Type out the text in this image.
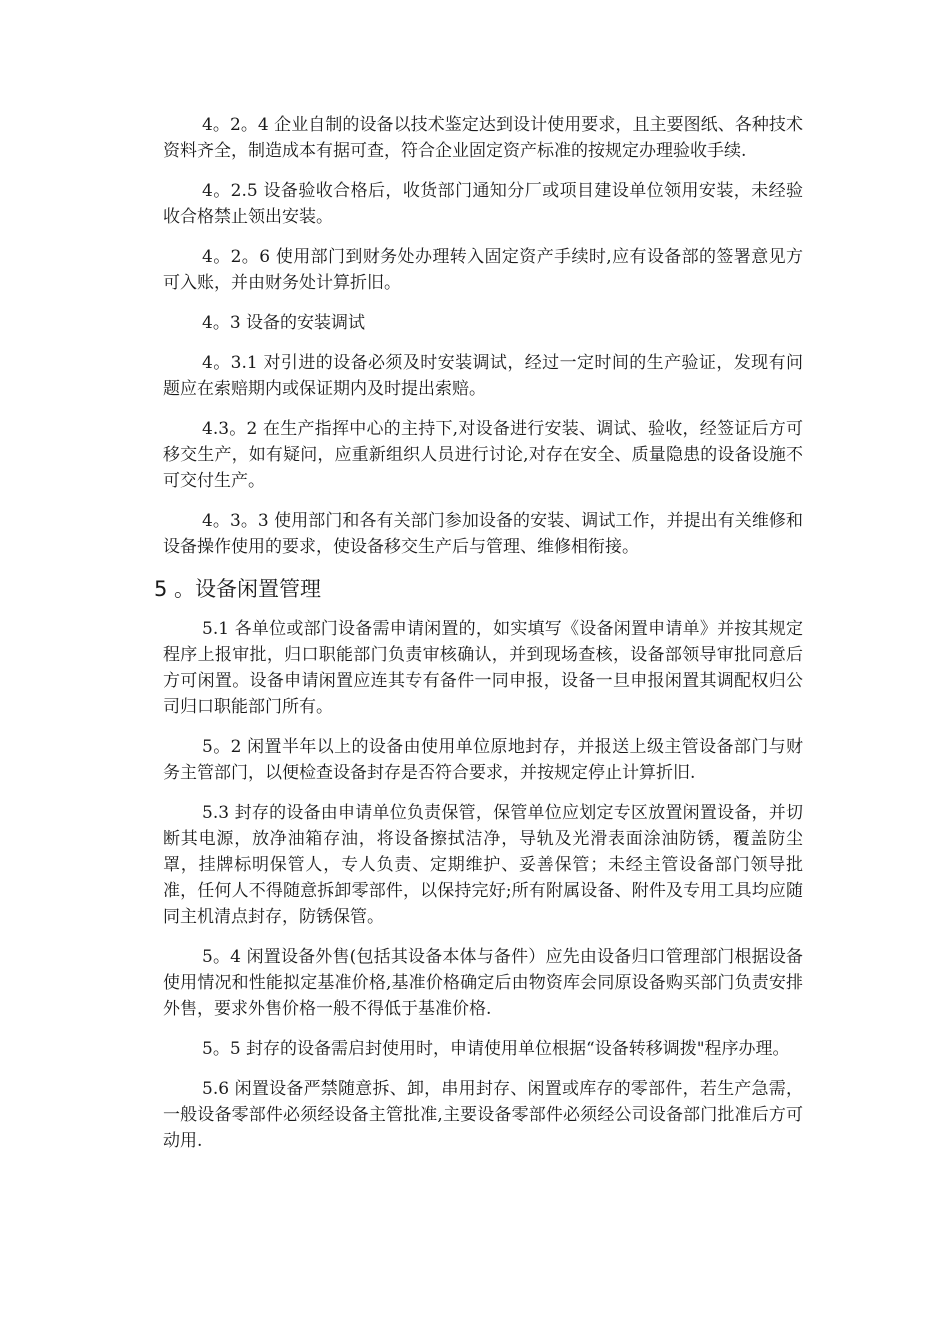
4。2。4 企业自制的设备以技术鉴定达到设计使用要求，且主要图纸、各种技术资料齐全，制造成本有据可查，符合企业固定资产标准的按规定办理验收手续.

4。2.5 设备验收合格后，收货部门通知分厂或项目建设单位领用安装，未经验收合格禁止领出安装。

4。2。6 使用部门到财务处办理转入固定资产手续时,应有设备部的签署意见方可入账，并由财务处计算折旧。

4。3 设备的安装调试

4。3.1 对引进的设备必须及时安装调试，经过一定时间的生产验证，发现有问题应在索赔期内或保证期内及时提出索赔。

4.3。2 在生产指挥中心的主持下,对设备进行安装、调试、验收，经签证后方可移交生产，如有疑问，应重新组织人员进行讨论,对存在安全、质量隐患的设备设施不可交付生产。

4。3。3 使用部门和各有关部门参加设备的安装、调试工作，并提出有关维修和设备操作使用的要求，使设备移交生产后与管理、维修相衔接。

5 。设备闲置管理

5.1 各单位或部门设备需申请闲置的，如实填写《设备闲置申请单》并按其规定程序上报审批，归口职能部门负责审核确认，并到现场查核，设备部领导审批同意后方可闲置。设备申请闲置应连其专有备件一同申报，设备一旦申报闲置其调配权归公司归口职能部门所有。

5。2 闲置半年以上的设备由使用单位原地封存，并报送上级主管设备部门与财务主管部门，以便检查设备封存是否符合要求，并按规定停止计算折旧.

5.3 封存的设备由申请单位负责保管，保管单位应划定专区放置闲置设备，并切断其电源，放净油箱存油，将设备擦拭洁净，导轨及光滑表面涂油防锈，覆盖防尘罩，挂牌标明保管人，专人负责、定期维护、妥善保管；未经主管设备部门领导批准，任何人不得随意拆卸零部件，以保持完好;所有附属设备、附件及专用工具均应随同主机清点封存，防锈保管。

5。4 闲置设备外售(包括其设备本体与备件）应先由设备归口管理部门根据设备使用情况和性能拟定基准价格,基准价格确定后由物资库会同原设备购买部门负责安排外售，要求外售价格一般不得低于基准价格.

5。5 封存的设备需启封使用时，申请使用单位根据“设备转移调拨"程序办理。

5.6 闲置设备严禁随意拆、卸，串用封存、闲置或库存的零部件，若生产急需，一般设备零部件必须经设备主管批准,主要设备零部件必须经公司设备部门批准后方可动用.
